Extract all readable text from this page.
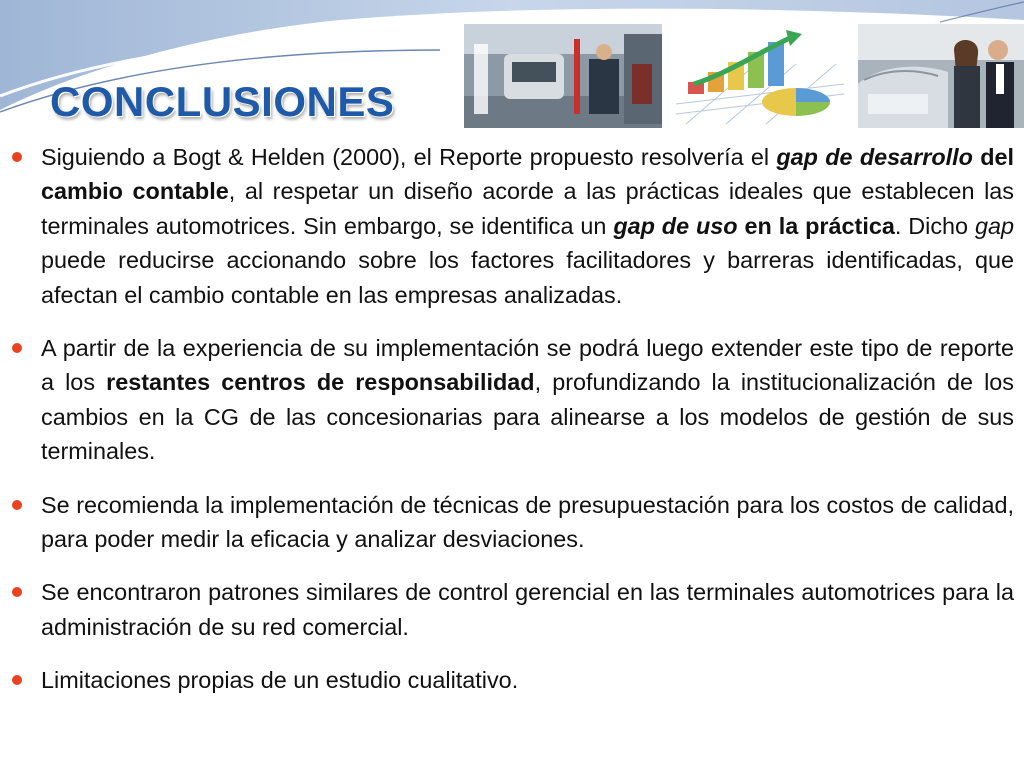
CONCLUSIONES
Siguiendo a Bogt & Helden (2000), el Reporte propuesto resolvería el gap de desarrollo del cambio contable, al respetar un diseño acorde a las prácticas ideales que establecen las terminales automotrices. Sin embargo, se identifica un gap de uso en la práctica. Dicho gap puede reducirse accionando sobre los factores facilitadores y barreras identificadas, que afectan el cambio contable en las empresas analizadas.
A partir de la experiencia de su implementación se podrá luego extender este tipo de reporte a los restantes centros de responsabilidad, profundizando la institucionalización de los cambios en la CG de las concesionarias para alinearse a los modelos de gestión de sus terminales.
Se recomienda la implementación de técnicas de presupuestación para los costos de calidad, para poder medir la eficacia y analizar desviaciones.
Se encontraron patrones similares de control gerencial en las terminales automotrices para la administración de su red comercial.
Limitaciones propias de un estudio cualitativo.
